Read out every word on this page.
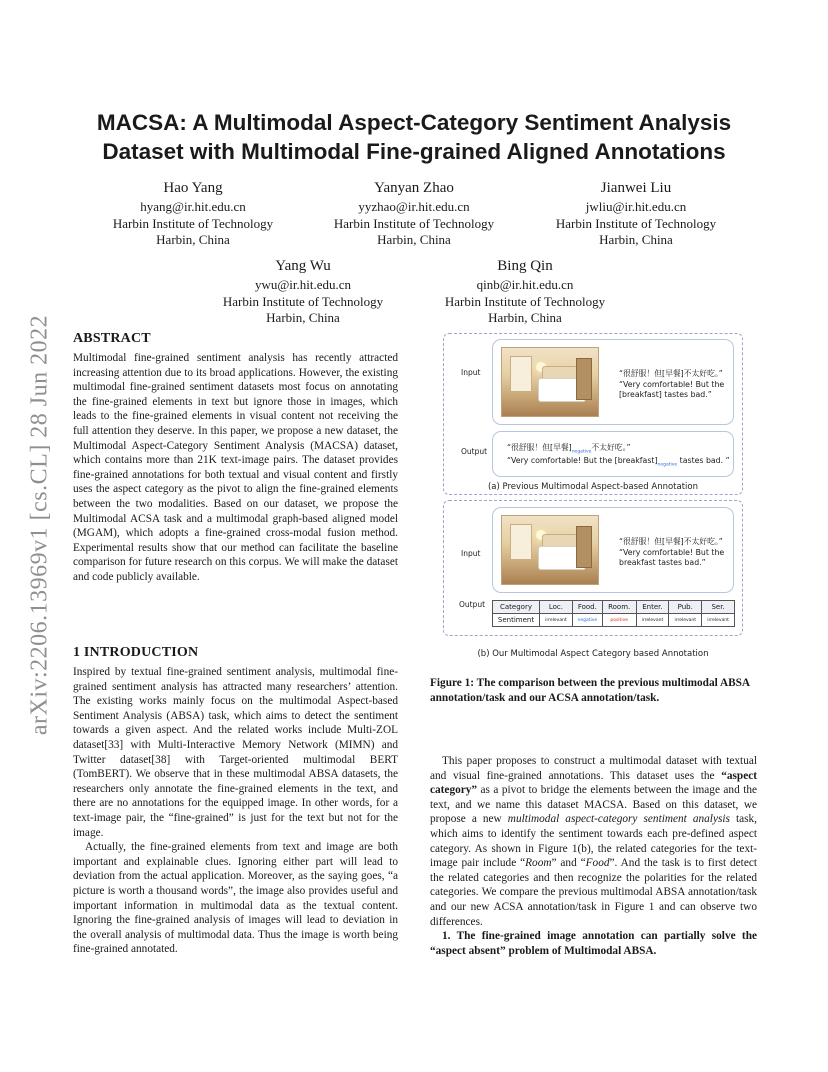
arXiv:2206.13969v1 [cs.CL] 28 Jun 2022
MACSA: A Multimodal Aspect-Category Sentiment Analysis
Dataset with Multimodal Fine-grained Aligned Annotations
Hao Yang
hyang@ir.hit.edu.cn
Harbin Institute of Technology
Harbin, China
Yanyan Zhao
yyzhao@ir.hit.edu.cn
Harbin Institute of Technology
Harbin, China
Jianwei Liu
jwliu@ir.hit.edu.cn
Harbin Institute of Technology
Harbin, China
Yang Wu
ywu@ir.hit.edu.cn
Harbin Institute of Technology
Harbin, China
Bing Qin
qinb@ir.hit.edu.cn
Harbin Institute of Technology
Harbin, China
ABSTRACT

Multimodal fine-grained sentiment analysis has recently attracted increasing attention due to its broad applications. However, the existing multimodal fine-grained sentiment datasets most focus on annotating the fine-grained elements in text but ignore those in images, which leads to the fine-grained elements in visual content not receiving the full attention they deserve. In this paper, we propose a new dataset, the Multimodal Aspect-Category Sentiment Analysis (MACSA) dataset, which contains more than 21K text-image pairs. The dataset provides fine-grained annotations for both textual and visual content and firstly uses the aspect category as the pivot to align the fine-grained elements between the two modalities. Based on our dataset, we propose the Multimodal ACSA task and a multimodal graph-based aligned model (MGAM), which adopts a fine-grained cross-modal fusion method. Experimental results show that our method can facilitate the baseline comparison for future research on this corpus. We will make the dataset and code publicly available.

1 INTRODUCTION

Inspired by textual fine-grained sentiment analysis, multimodal fine-grained sentiment analysis has attracted many researchers’ attention. The existing works mainly focus on the multimodal Aspect-based Sentiment Analysis (ABSA) task, which aims to detect the sentiment towards a given aspect. And the related works include Multi-ZOL dataset[33] with Multi-Interactive Memory Network (MIMN) and Twitter dataset[38] with Target-oriented multimodal BERT (TomBERT). We observe that in these multimodal ABSA datasets, the researchers only annotate the fine-grained elements in the text, and there are no annotations for the equipped image. In other words, for a text-image pair, the “fine-grained” is just for the text but not for the image.

Actually, the fine-grained elements from text and image are both important and explainable clues. Ignoring either part will lead to deviation from the actual application. Moreover, as the saying goes, “a picture is worth a thousand words”, the image also provides useful and important information in multimodal data as the textual content. Ignoring the fine-grained analysis of images will lead to deviation in the overall analysis of multimodal data. Thus the image is worth being fine-grained annotated.

Input	“很舒服！但[早餐]不太好吃。”
“Very comfortable! But the [breakfast] tastes bad.”
Output	“很舒服！但[早餐]$_{negative}$不太好吃。”
“Very comfortable! But the $[breakfast]_{negative}$ tastes bad. ”
(a) Previous Multimodal Aspect-based Annotation
Input
“很舒服！但[早餐]不太好吃。”
“Very comfortable! But the breakfast tastes bad.”
Output Category	Loc.	Food.	Room.	Enter.	Pub.	Ser.
Sentiment	irrelevant	negative	positive	irrelevant	irrelevant	irrelevant
(b) Our Multimodal Aspect Category based Annotation
Figure 1: The comparison between the previous multimodal ABSA annotation/task and our ACSA annotation/task.

This paper proposes to construct a multimodal dataset with textual and visual fine-grained annotations. This dataset uses the “aspect category” as a pivot to bridge the elements between the image and the text, and we name this dataset MACSA. Based on this dataset, we propose a new multimodal aspect-category sentiment analysis task, which aims to identify the sentiment towards each pre-defined aspect category. As shown in Figure 1(b), the related categories for the text-image pair include “Room” and “Food”. And the task is to first detect the related categories and then recognize the polarities for the related categories. We compare the previous multimodal ABSA annotation/task and our new ACSA annotation/task in Figure 1 and can observe two differences.

1. The fine-grained image annotation can partially solve the “aspect absent” problem of Multimodal ABSA.
